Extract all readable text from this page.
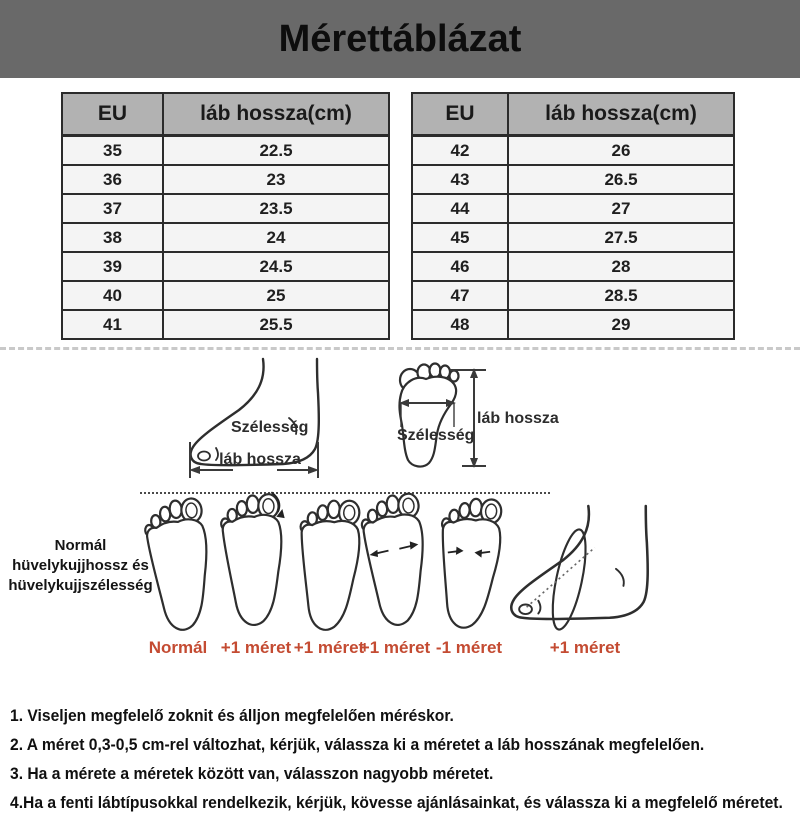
Mérettáblázat
EU	láb hossza(cm)
35	22.5
36	23
37	23.5
38	24
39	24.5
40	25
41	25.5
EU	láb hossza(cm)
42	26
43	26.5
44	27
45	27.5
46	28
47	28.5
48	29
Szélesség
láb hossza
Szélesség
láb hossza
Normál
hüvelykujjhossz és
hüvelykujjszélesség
Normál +1 méret +1 méret
+1 méret -1 méret	+1 méret
1. Viseljen megfelelő zoknit és álljon megfelelően méréskor.
2. A méret 0,3-0,5 cm-rel változhat, kérjük, válassza ki a méretet a láb hosszának megfelelően.
3. Ha a mérete a méretek között van, válasszon nagyobb méretet.
4.Ha a fenti lábtípusokkal rendelkezik, kérjük, kövesse ajánlásainkat, és válassza ki a megfelelő méretet.
